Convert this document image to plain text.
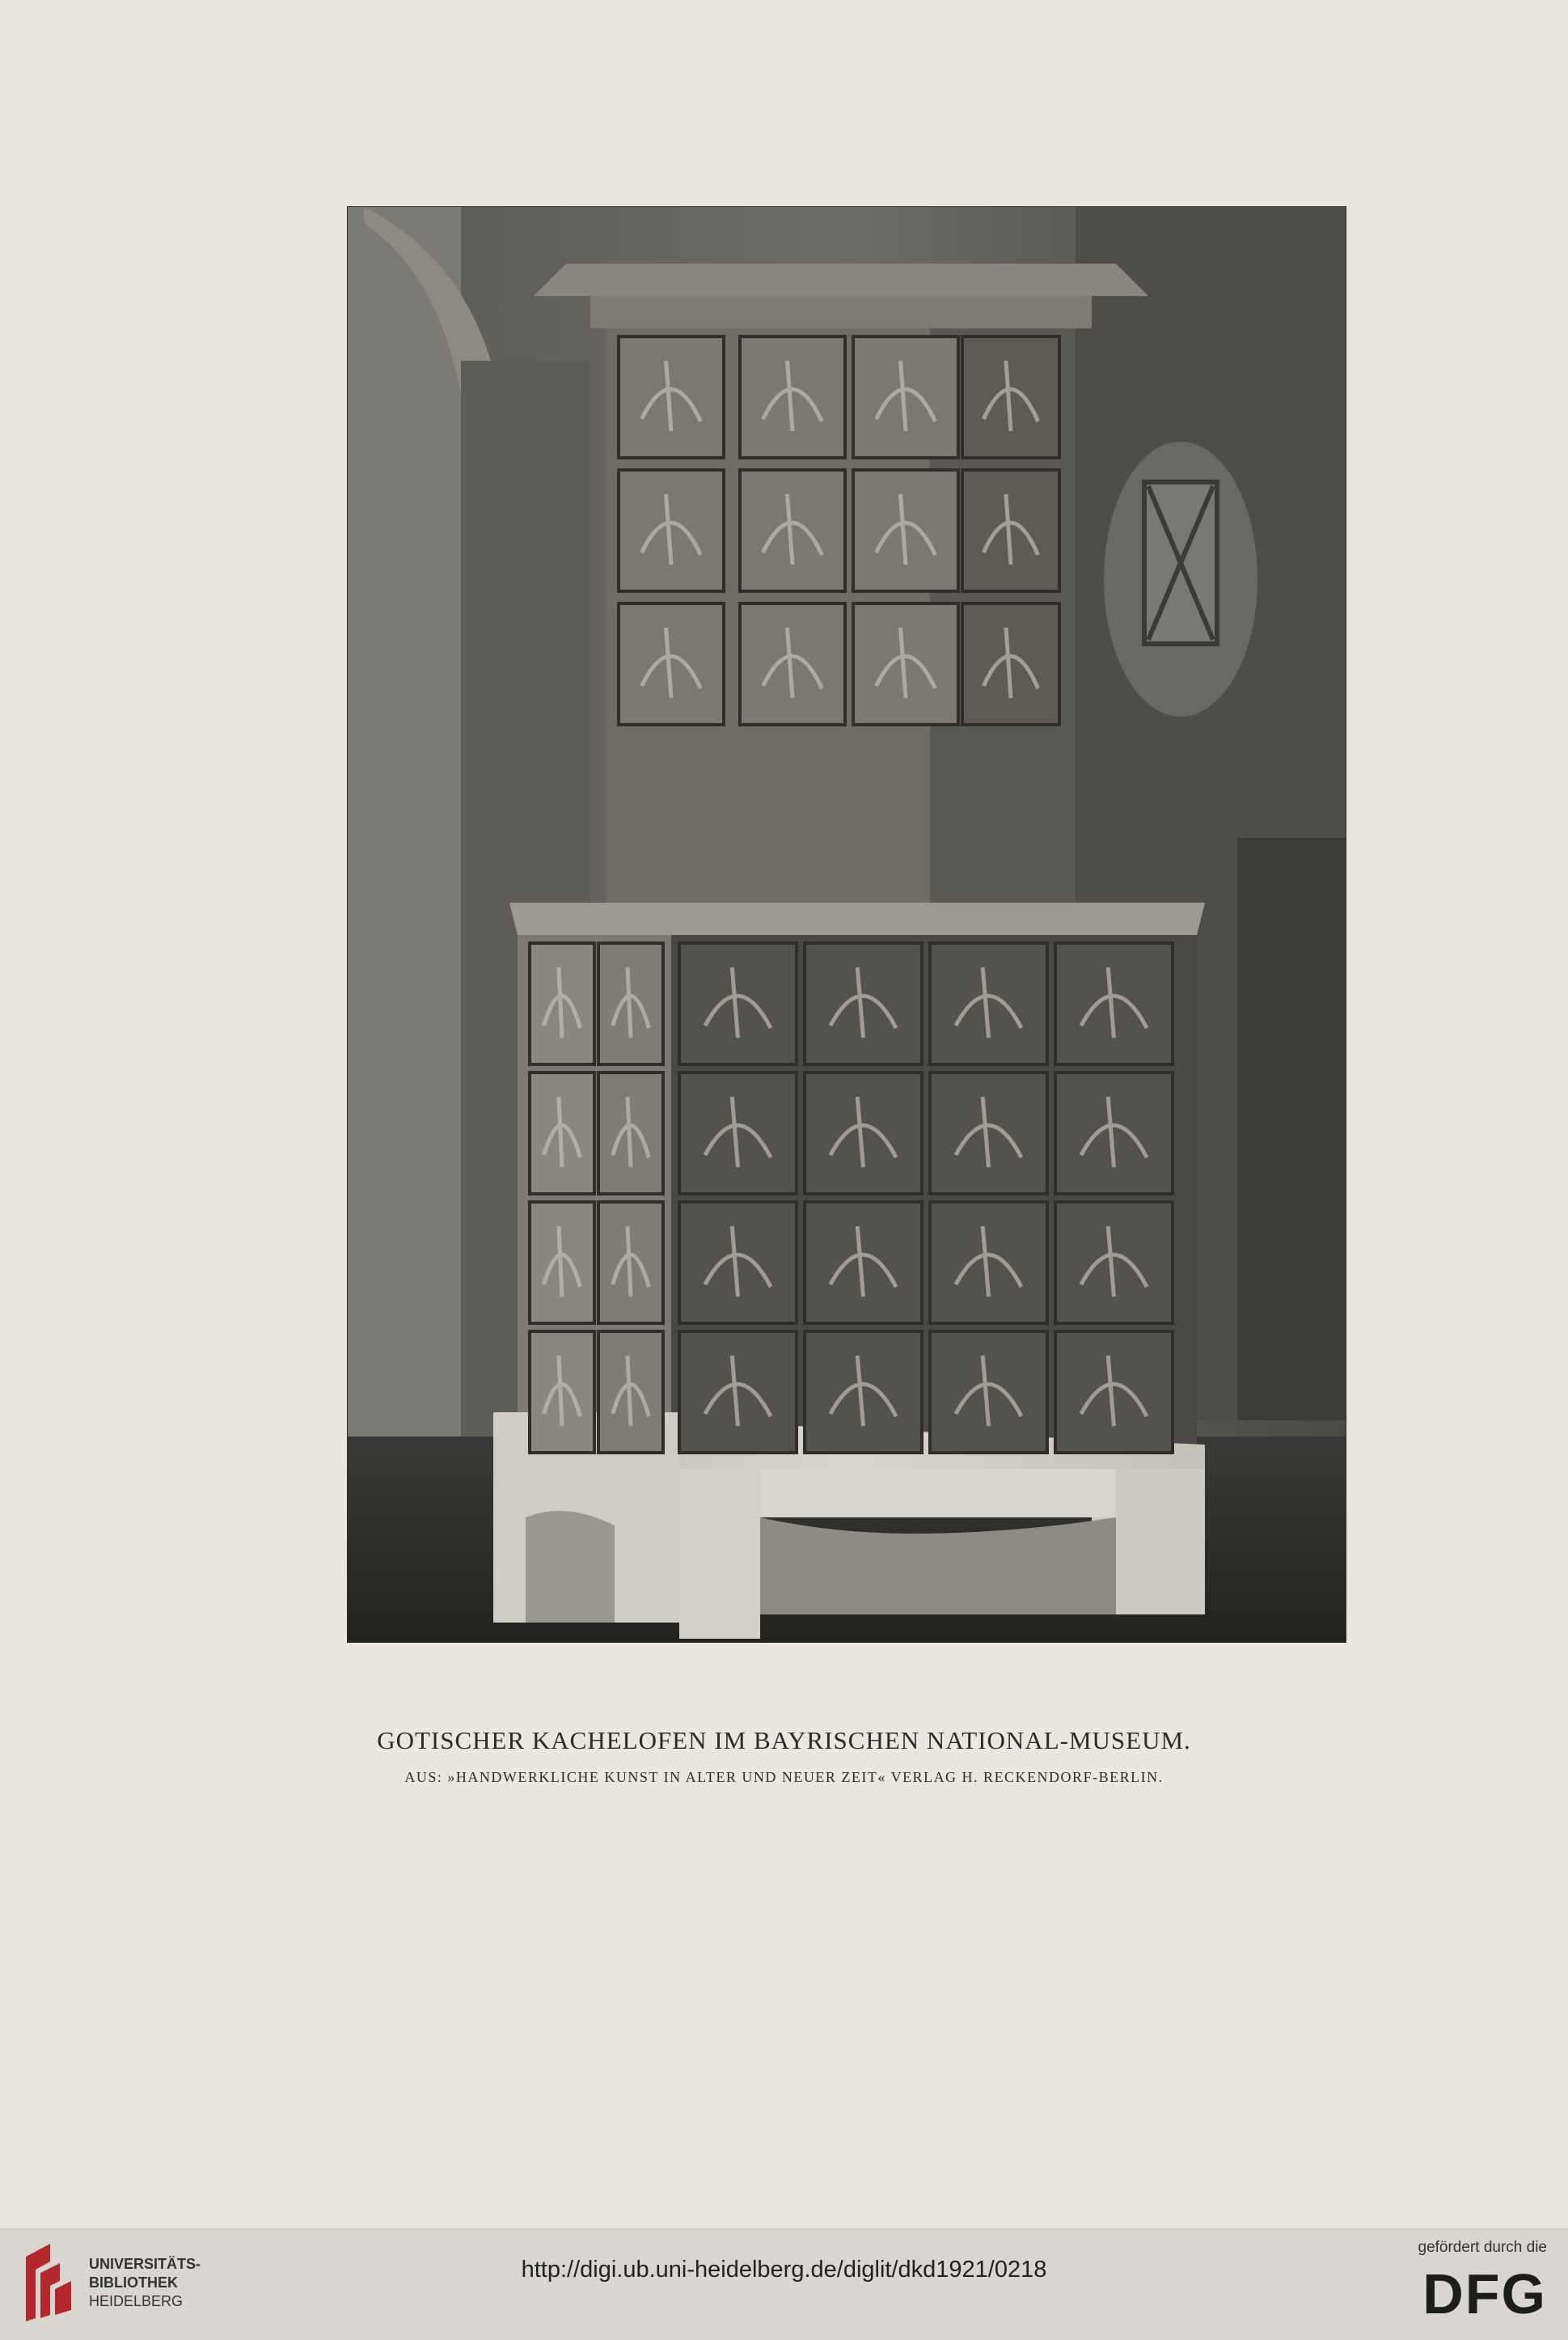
GOTISCHER KACHELOFEN IM BAYRISCHEN NATIONAL-MUSEUM.
AUS: »HANDWERKLICHE KUNST IN ALTER UND NEUER ZEIT« VERLAG H. RECKENDORF-BERLIN.
UNIVERSITÄTS-
BIBLIOTHEK
HEIDELBERG
http://digi.ub.uni-heidelberg.de/diglit/dkd1921/0218
gefördert durch die
DFG
